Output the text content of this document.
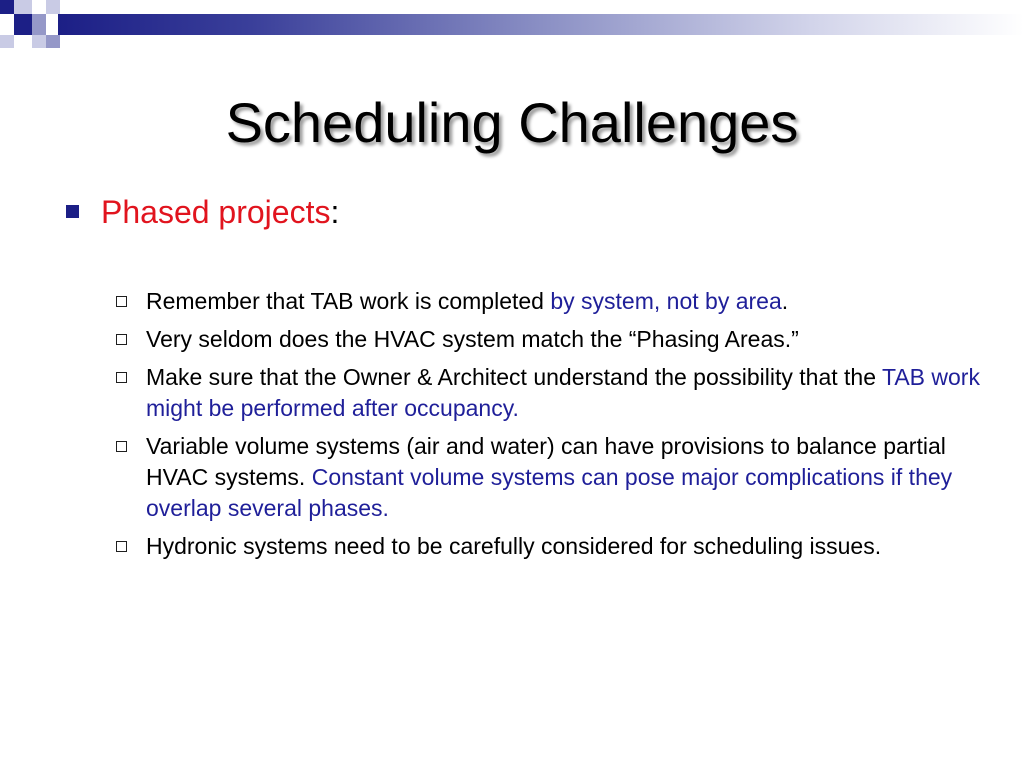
Scheduling Challenges
Phased projects:
Remember that TAB work is completed by system, not by area.
Very seldom does the HVAC system match the “Phasing Areas.”
Make sure that the Owner & Architect understand the possibility that the TAB work might be performed after occupancy.
Variable volume systems (air and water) can have provisions to balance partial HVAC systems. Constant volume systems can pose major complications if they overlap several phases.
Hydronic systems need to be carefully considered for scheduling issues.
